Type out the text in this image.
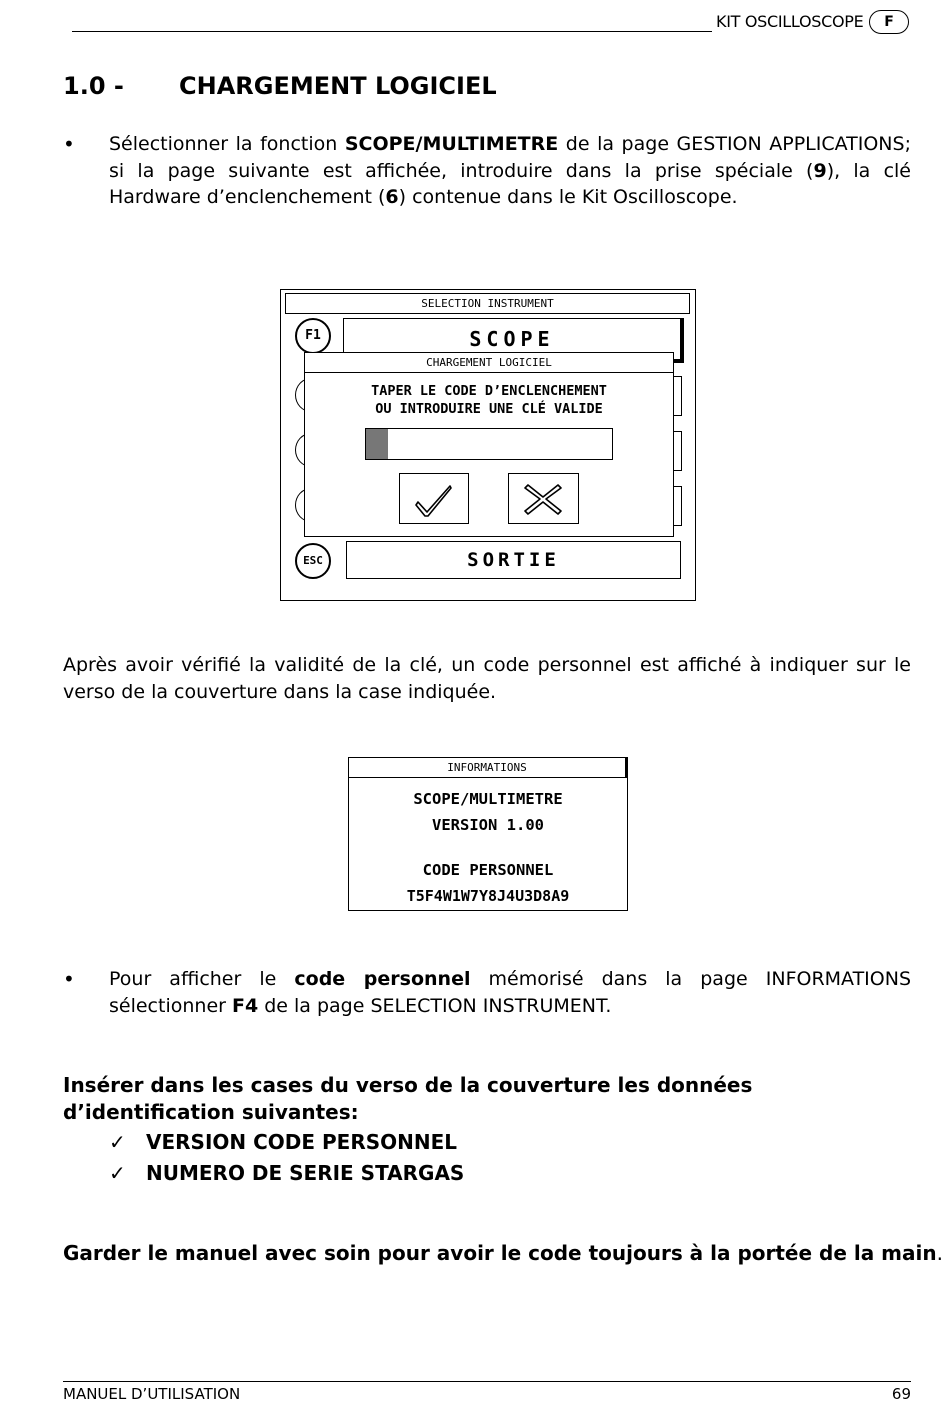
KIT OSCILLOSCOPE	F
1.0 - CHARGEMENT LOGICIEL
• Sélectionner la fonction SCOPE/MULTIMETRE de la page GESTION APPLICATIONS; si la page suivante est affichée, introduire dans la prise spéciale (9), la clé Hardware d’enclenchement (6) contenue dans le Kit Oscilloscope.
SELECTION INSTRUMENT
F1	SCOPE
CHARGEMENT LOGICIEL
TAPER LE CODE D’ENCLENCHEMENT
OU INTRODUIRE UNE CLÉ VALIDE
ESC	SORTIE
Après avoir vérifié la validité de la clé, un code personnel est affiché à indiquer sur le verso de la couverture dans la case indiquée.
INFORMATIONS
SCOPE/MULTIMETRE
VERSION 1.00
CODE PERSONNEL
T5F4W1W7Y8J4U3D8A9
• Pour afficher le code personnel mémorisé dans la page INFORMATIONS sélectionner F4 de la page SELECTION INSTRUMENT.
Insérer dans les cases du verso de la couverture les données d’identification suivantes:
✓ VERSION CODE PERSONNEL
✓ NUMERO DE SERIE STARGAS
Garder le manuel avec soin pour avoir le code toujours à la portée de la main.
MANUEL D’UTILISATION	69
